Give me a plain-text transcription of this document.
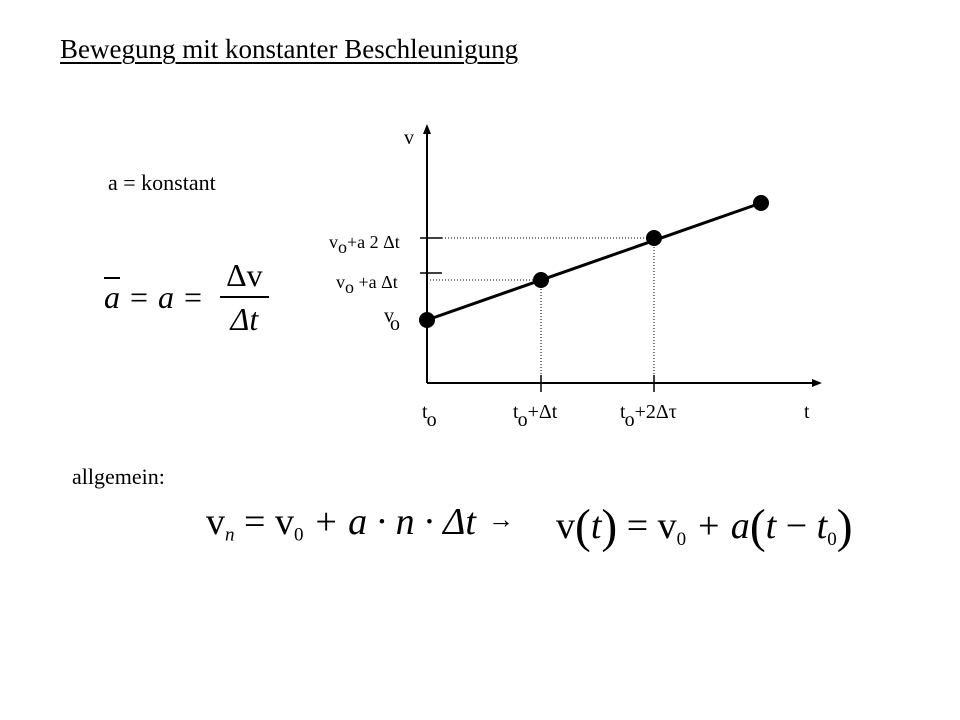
Bewegung mit konstanter Beschleunigung
a = konstant
$\overline{a} = a = \frac{\Delta v}{\Delta t}$
allgemein:
$v_n = v_0 + a \cdot n \cdot \Delta t \to v(t) = v_0 + a(t - t_0)$
v
t
vo+a 2 Δt
vo +a Δt
vo
to	to+Δt	to+2Δτ
